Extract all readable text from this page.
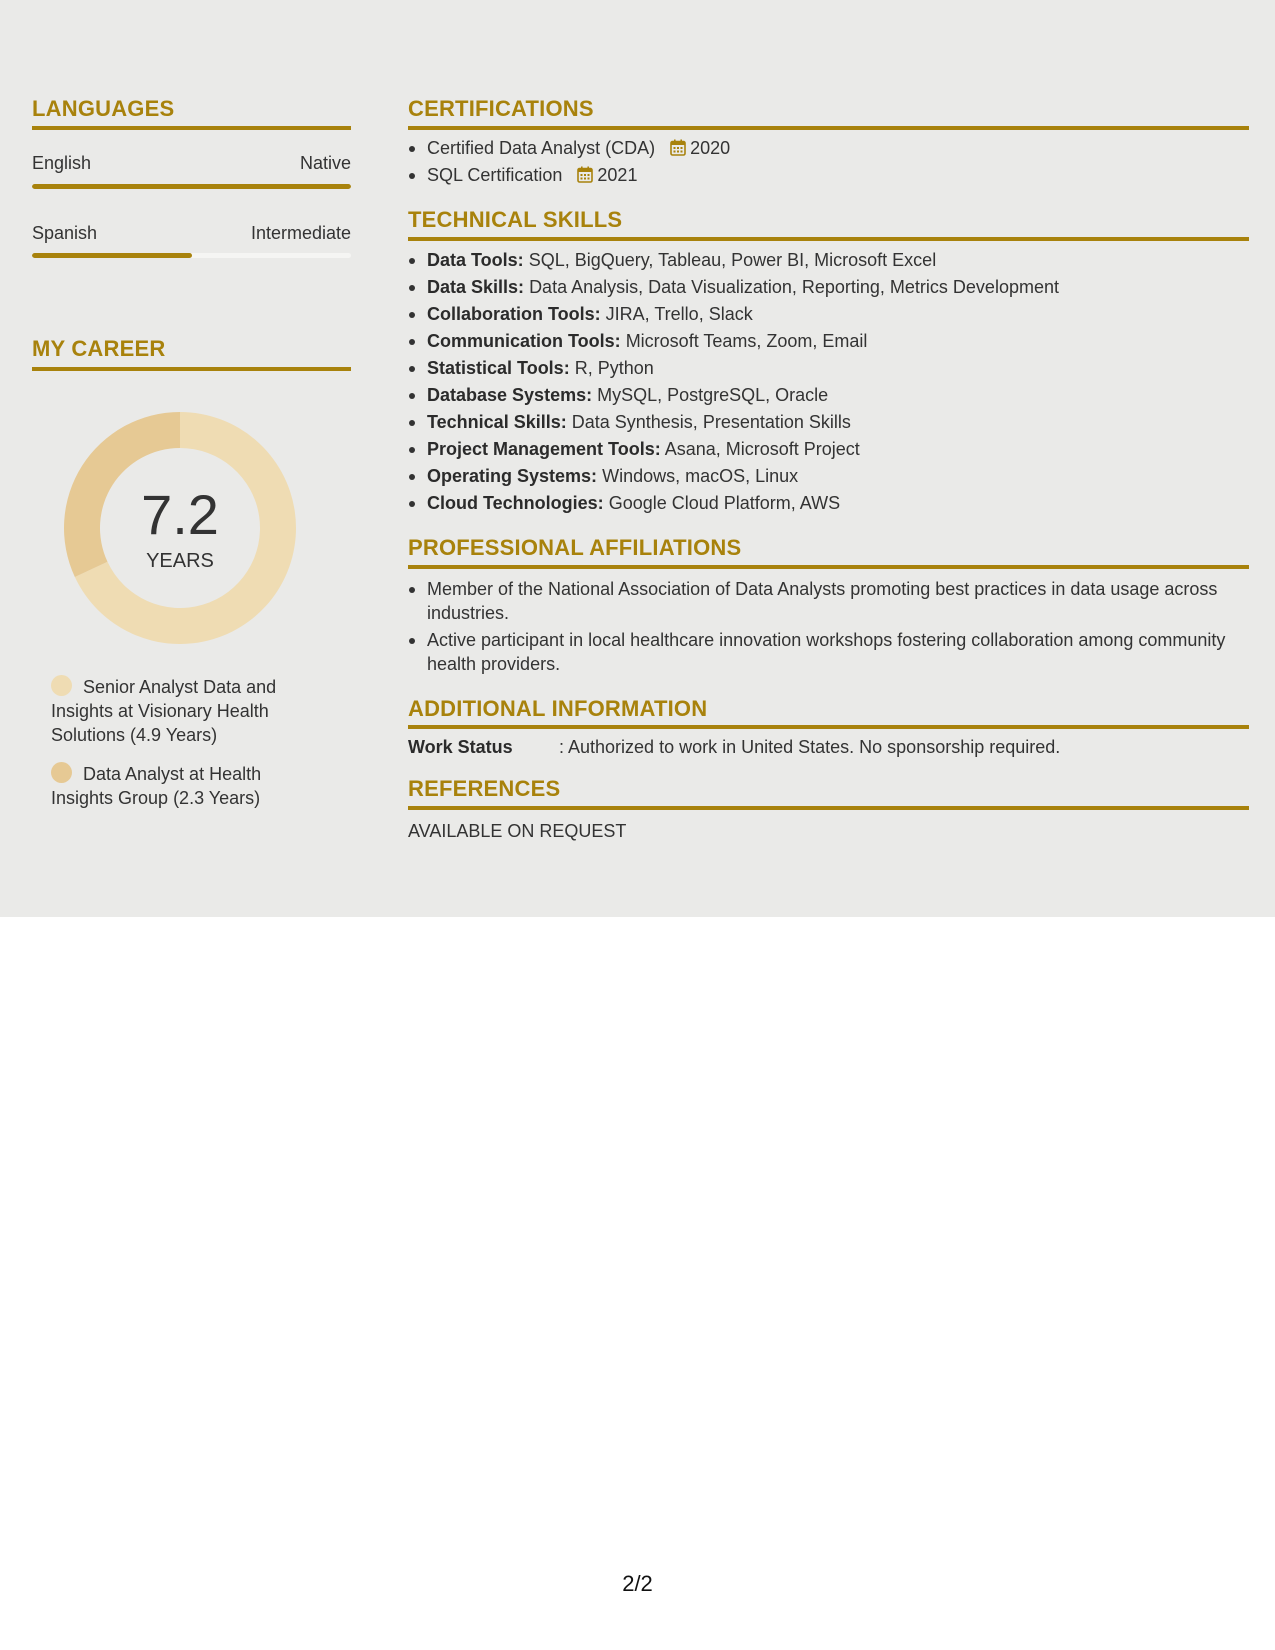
LANGUAGES
English	Native
Spanish	Intermediate
MY CAREER
7.2
YEARS
Senior Analyst Data and Insights at Visionary Health Solutions (4.9 Years)
Data Analyst at Health Insights Group (2.3 Years)
CERTIFICATIONS
Certified Data Analyst (CDA) 2020
SQL Certification 2021
TECHNICAL SKILLS
Data Tools: SQL, BigQuery, Tableau, Power BI, Microsoft Excel
Data Skills: Data Analysis, Data Visualization, Reporting, Metrics Development
Collaboration Tools: JIRA, Trello, Slack
Communication Tools: Microsoft Teams, Zoom, Email
Statistical Tools: R, Python
Database Systems: MySQL, PostgreSQL, Oracle
Technical Skills: Data Synthesis, Presentation Skills
Project Management Tools: Asana, Microsoft Project
Operating Systems: Windows, macOS, Linux
Cloud Technologies: Google Cloud Platform, AWS
PROFESSIONAL AFFILIATIONS
Member of the National Association of Data Analysts promoting best practices in data usage across industries.
Active participant in local healthcare innovation workshops fostering collaboration among community health providers.
ADDITIONAL INFORMATION
Work Status	: Authorized to work in United States. No sponsorship required.
REFERENCES
AVAILABLE ON REQUEST
2/2
